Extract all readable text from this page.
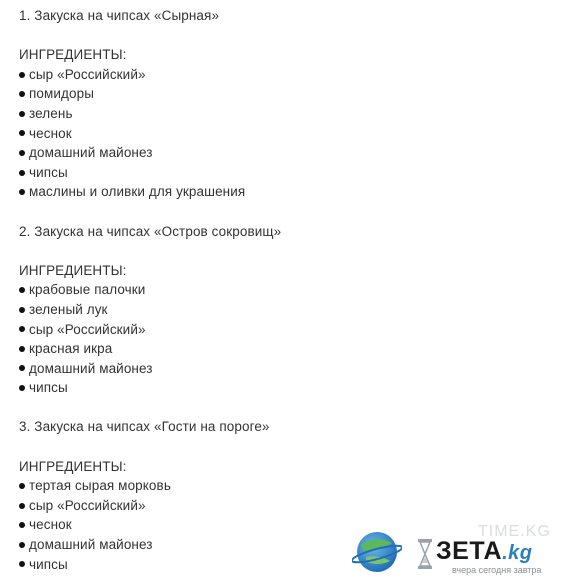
1. Закуска на чипсах «Сырная»
ИНГРЕДИЕНТЫ:
сыр «Российский»
помидоры
зелень
чеснок
домашний майонез
чипсы
маслины и оливки для украшения
2. Закуска на чипсах «Остров сокровищ»
ИНГРЕДИЕНТЫ:
крабовые палочки
зеленый лук
сыр «Российский»
красная икра
домашний майонез
чипсы
3. Закуска на чипсах «Гости на пороге»
ИНГРЕДИЕНТЫ:
тертая сырая морковь
сыр «Российский»
чеснок
домашний майонез
чипсы
TIME.KG
ЗЕТА.kg
вчера сегодня завтра
